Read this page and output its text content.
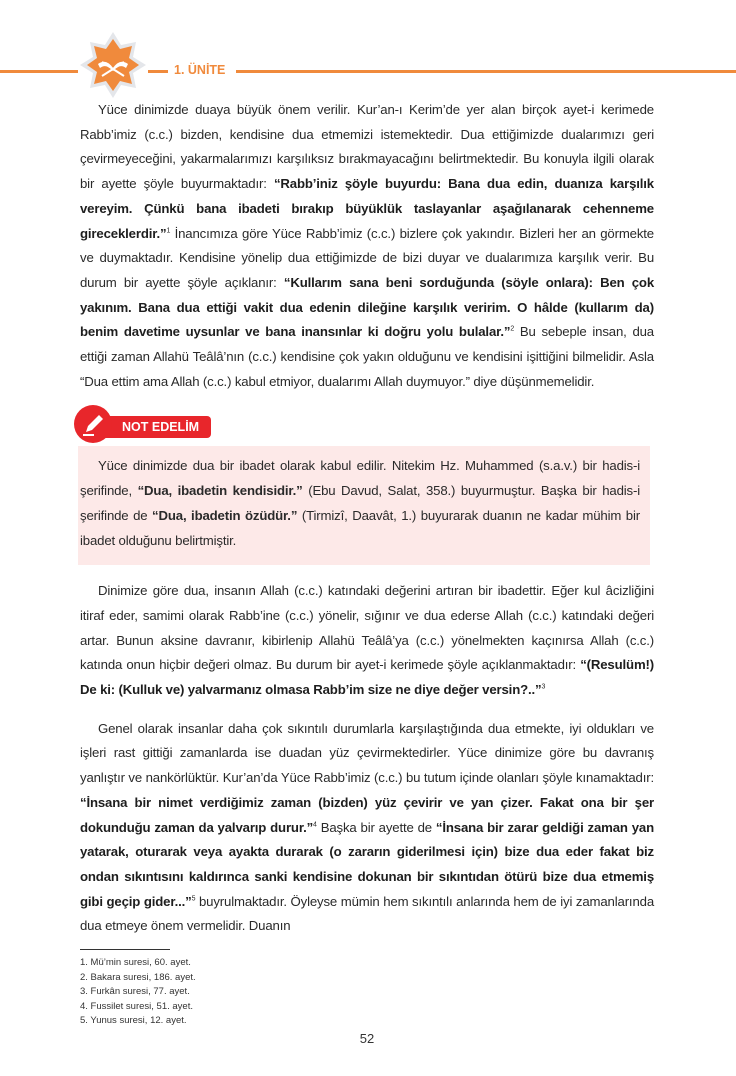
1. ÜNİTE

Yüce dinimizde duaya büyük önem verilir. Kur’an-ı Kerim’de yer alan birçok ayet-i kerimede Rabb’imiz (c.c.) bizden, kendisine dua etmemizi istemektedir. Dua ettiğimizde dualarımızı geri çevirmeyeceğini, yakarmalarımızı karşılıksız bırakmayacağını belirtmektedir. Bu konuyla ilgili olarak bir ayette şöyle buyurmaktadır: “Rabb’iniz şöyle buyurdu: Bana dua edin, duanıza karşılık vereyim. Çünkü bana ibadeti bırakıp büyüklük taslayanlar aşağılanarak cehenneme gireceklerdir.”$^1$ İnancımıza göre Yüce Rabb’imiz (c.c.) bizlere çok yakındır. Bizleri her an görmekte ve duymaktadır. Kendisine yönelip dua ettiğimizde de bizi duyar ve dualarımıza karşılık verir. Bu durum bir ayette şöyle açıklanır: “Kullarım sana beni sorduğunda (söyle onlara): Ben çok yakınım. Bana dua ettiği vakit dua edenin dileğine karşılık veririm. O hâlde (kullarım da) benim davetime uysunlar ve bana inansınlar ki doğru yolu bulalar.”$^2$ Bu sebeple insan, dua ettiği zaman Allahü Teâlâ’nın (c.c.) kendisine çok yakın olduğunu ve kendisini işittiğini bilmelidir. Asla “Dua ettim ama Allah (c.c.) kabul etmiyor, dualarımı Allah duymuyor.” diye düşünmemelidir.

Yüce dinimizde dua bir ibadet olarak kabul edilir. Nitekim Hz. Muhammed (s.a.v.) bir hadis-i şerifinde, “Dua, ibadetin kendisidir.” (Ebu Davud, Salat, 358.) buyurmuştur. Başka bir hadis-i şerifinde de “Dua, ibadetin özüdür.” (Tirmizî, Daavât, 1.) buyurarak duanın ne kadar mühim bir ibadet olduğunu belirtmiştir.
NOT EDELİM

Dinimize göre dua, insanın Allah (c.c.) katındaki değerini artıran bir ibadettir. Eğer kul âcizliğini itiraf eder, samimi olarak Rabb’ine (c.c.) yönelir, sığınır ve dua ederse Allah (c.c.) katındaki değeri artar. Bunun aksine davranır, kibirlenip Allahü Teâlâ’ya (c.c.) yönelmekten kaçınırsa Allah (c.c.) katında onun hiçbir değeri olmaz. Bu durum bir ayet-i kerimede şöyle açıklanmaktadır: “(Resulüm!) De ki: (Kulluk ve) yalvarmanız olmasa Rabb’im size ne diye değer versin?..”$^3$

Genel olarak insanlar daha çok sıkıntılı durumlarla karşılaştığında dua etmekte, iyi oldukları ve işleri rast gittiği zamanlarda ise duadan yüz çevirmektedirler. Yüce dinimize göre bu davranış yanlıştır ve nankörlüktür. Kur’an’da Yüce Rabb’imiz (c.c.) bu tutum içinde olanları şöyle kınamaktadır: “İnsana bir nimet verdiğimiz zaman (bizden) yüz çevirir ve yan çizer. Fakat ona bir şer dokunduğu zaman da yalvarıp durur.”$^4$ Başka bir ayette de “İnsana bir zarar geldiği zaman yan yatarak, oturarak veya ayakta durarak (o zararın giderilmesi için) bize dua eder fakat biz ondan sıkıntısını kaldırınca sanki kendisine dokunan bir sıkıntıdan ötürü bize dua etmemiş gibi geçip gider...”$^5$ buyrulmaktadır. Öyleyse mümin hem sıkıntılı anlarında hem de iyi zamanlarında dua etmeye önem vermelidir. Duanın

1. Mü’min suresi, 60. ayet.
2. Bakara suresi, 186. ayet.
3. Furkân suresi, 77. ayet.
4. Fussilet suresi, 51. ayet.
5. Yunus suresi, 12. ayet.
52
